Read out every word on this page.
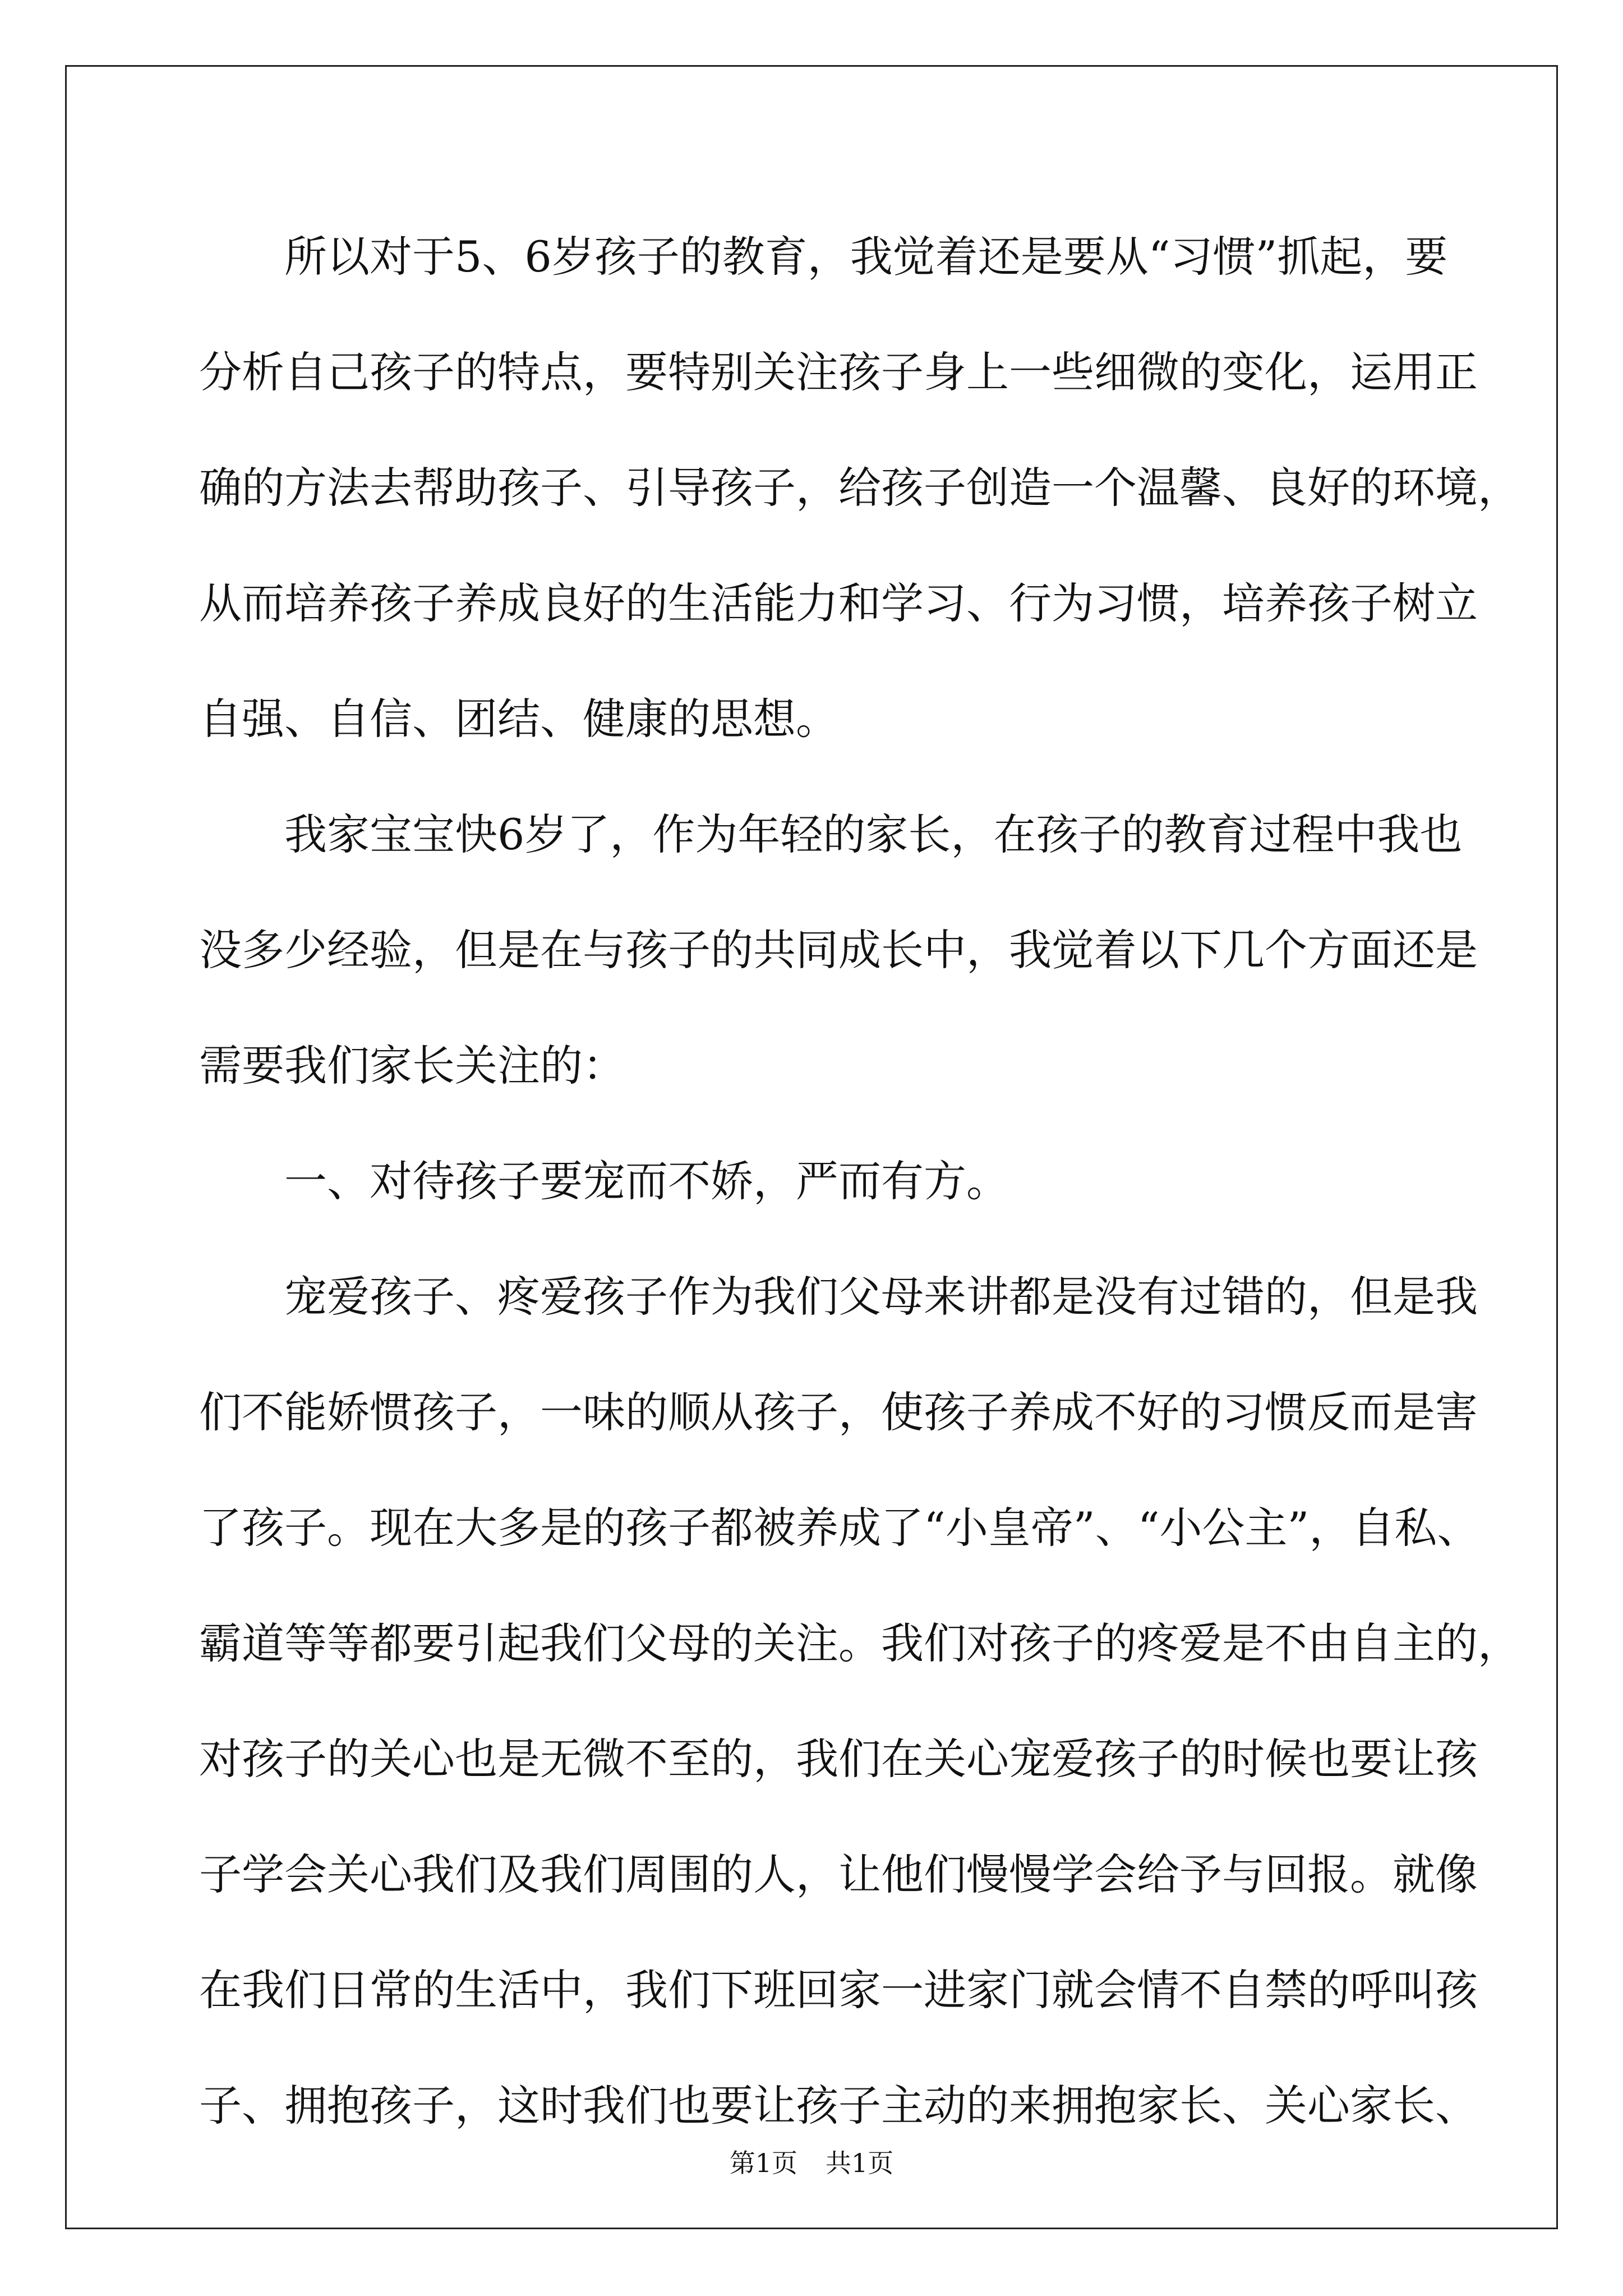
所以对于5、6岁孩子的教育，我觉着还是要从“习惯”抓起，要

分析自己孩子的特点，要特别关注孩子身上一些细微的变化，运用正

确的方法去帮助孩子、引导孩子，给孩子创造一个温馨、良好的环境，

从而培养孩子养成良好的生活能力和学习、行为习惯，培养孩子树立

自强、自信、团结、健康的思想。

我家宝宝快6岁了，作为年轻的家长，在孩子的教育过程中我也

没多少经验，但是在与孩子的共同成长中，我觉着以下几个方面还是

需要我们家长关注的：

一、对待孩子要宠而不娇，严而有方。

宠爱孩子、疼爱孩子作为我们父母来讲都是没有过错的，但是我

们不能娇惯孩子，一味的顺从孩子，使孩子养成不好的习惯反而是害

了孩子。现在大多是的孩子都被养成了“小皇帝”、“小公主”，自私、

霸道等等都要引起我们父母的关注。我们对孩子的疼爱是不由自主的，

对孩子的关心也是无微不至的，我们在关心宠爱孩子的时候也要让孩

子学会关心我们及我们周围的人，让他们慢慢学会给予与回报。就像

在我们日常的生活中，我们下班回家一进家门就会情不自禁的呼叫孩

子、拥抱孩子，这时我们也要让孩子主动的来拥抱家长、关心家长、

第1页 共1页
